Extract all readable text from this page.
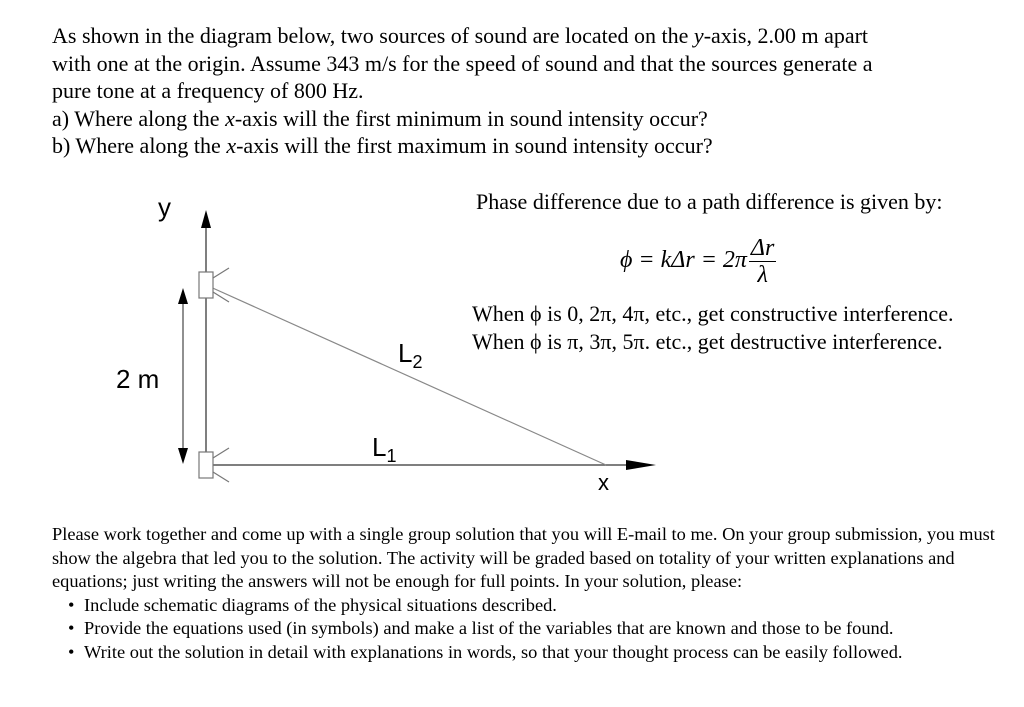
As shown in the diagram below, two sources of sound are located on the y-axis, 2.00 m apart

with one at the origin. Assume 343 m/s for the speed of sound and that the sources generate a

pure tone at a frequency of 800 Hz.

a) Where along the x-axis will the first minimum in sound intensity occur?

b) Where along the x-axis will the first maximum in sound intensity occur?

y
x
2 m
$L_2$
$L_1$
Phase difference due to a path difference is given by:
$\phi = k\Delta r = 2\pi \frac{\Delta r}{\lambda}$
When ϕ is 0, 2π, 4π, etc., get constructive interference.
When ϕ is π, 3π, 5π. etc., get destructive interference.

Please work together and come up with a single group solution that you will E-mail to me. On your group submission, you must show the algebra that led you to the solution. The activity will be graded based on totality of your written explanations and equations; just writing the answers will not be enough for full points. In your solution, please:

• Include schematic diagrams of the physical situations described.
• Provide the equations used (in symbols) and make a list of the variables that are known and those to be found.
• Write out the solution in detail with explanations in words, so that your thought process can be easily followed.
